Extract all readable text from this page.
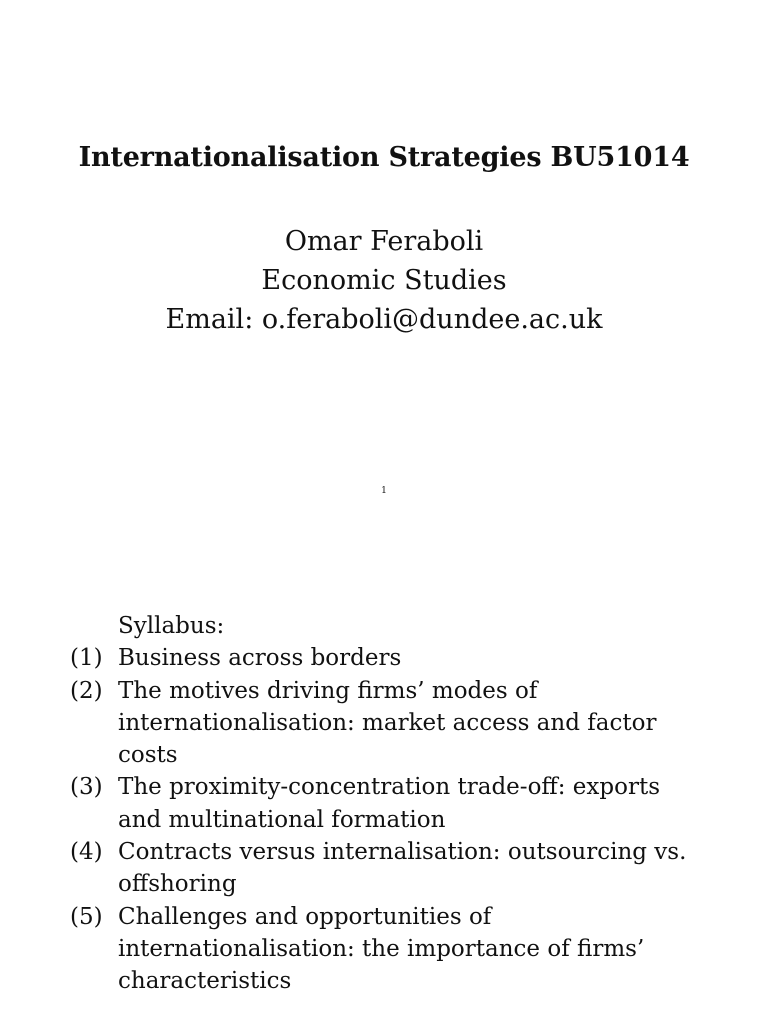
Internationalisation Strategies BU51014
Omar Feraboli
Economic Studies
Email: o.feraboli@dundee.ac.uk
1
Syllabus:
(1) Business across borders
(2) The motives driving firms’ modes of internationalisation: market access and factor costs
(3) The proximity-concentration trade-off: exports and multinational formation
(4) Contracts versus internalisation: outsourcing vs. offshoring
(5) Challenges and opportunities of internationalisation: the importance of firms’ characteristics
